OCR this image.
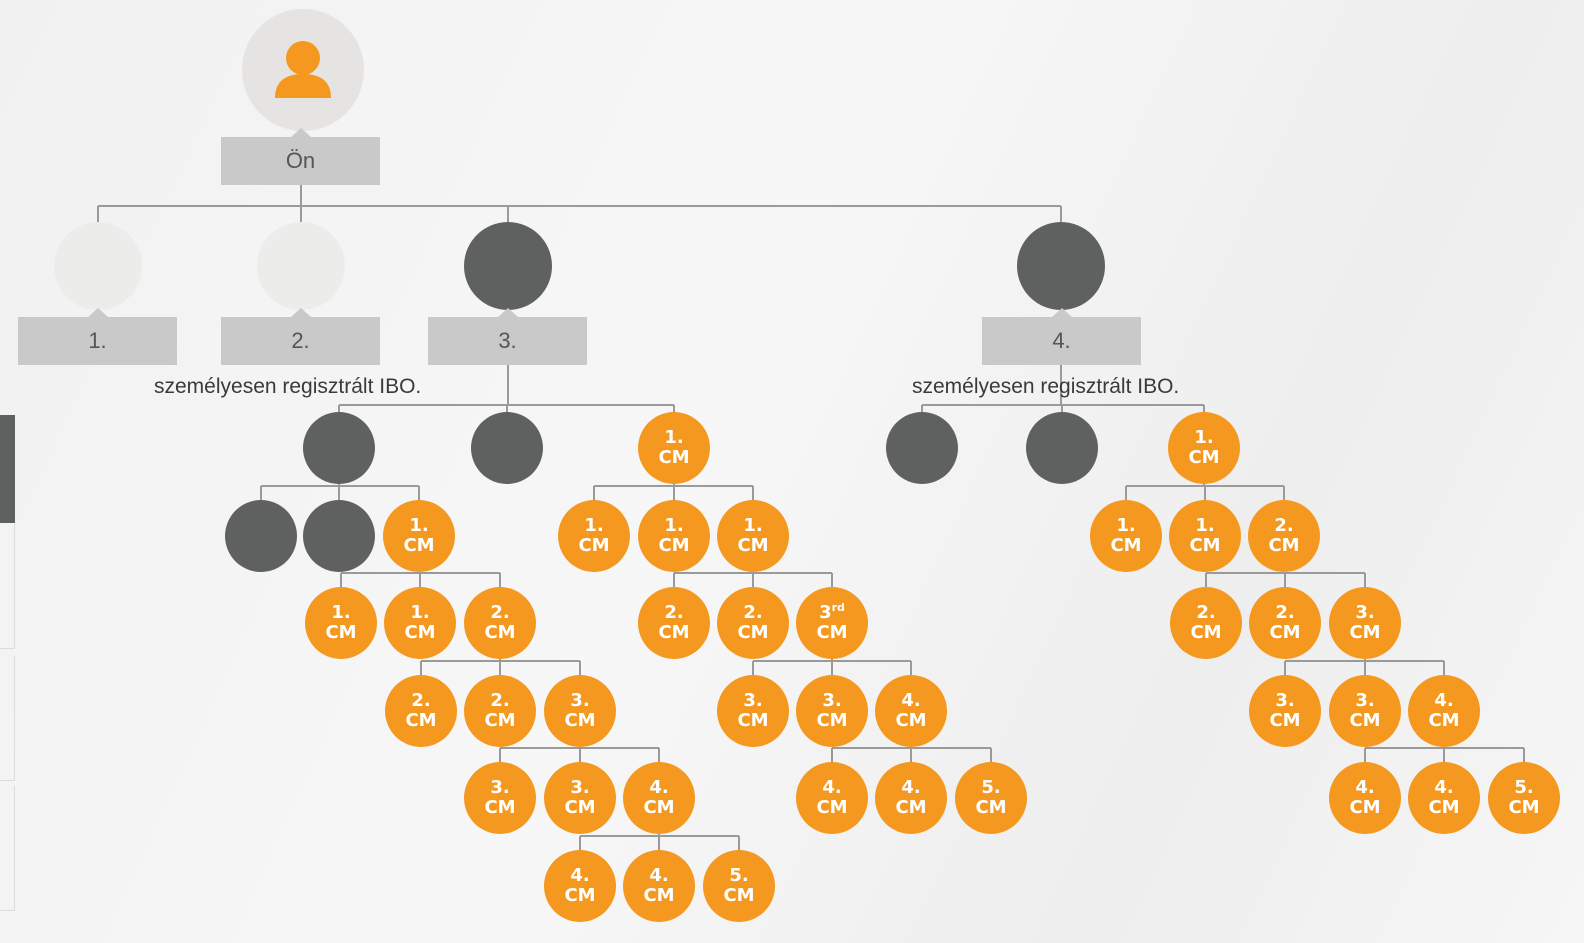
Ön
1.	2.	3.	4.
személyesen regisztrált IBO.	személyesen regisztrált IBO.
1.
CM
1.
CM
1.
CM
1.
CM
1.
CM
2.
CM
2.
CM
2.
CM
3.
CM
3.
CM
3.
CM
4.
CM
4.
CM
4.
CM
5.
CM
1.
CM
1.
CM
1.
CM
2.
CM
2.
CM
3rd
CM
3.
CM
3.
CM
4.
CM
4.
CM
4.
CM
5.
CM
1.
CM
1.
CM
2.
CM
2.
CM
2.
CM
3.
CM
3.
CM
3.
CM
4.
CM
4.
CM
4.
CM
5.
CM
